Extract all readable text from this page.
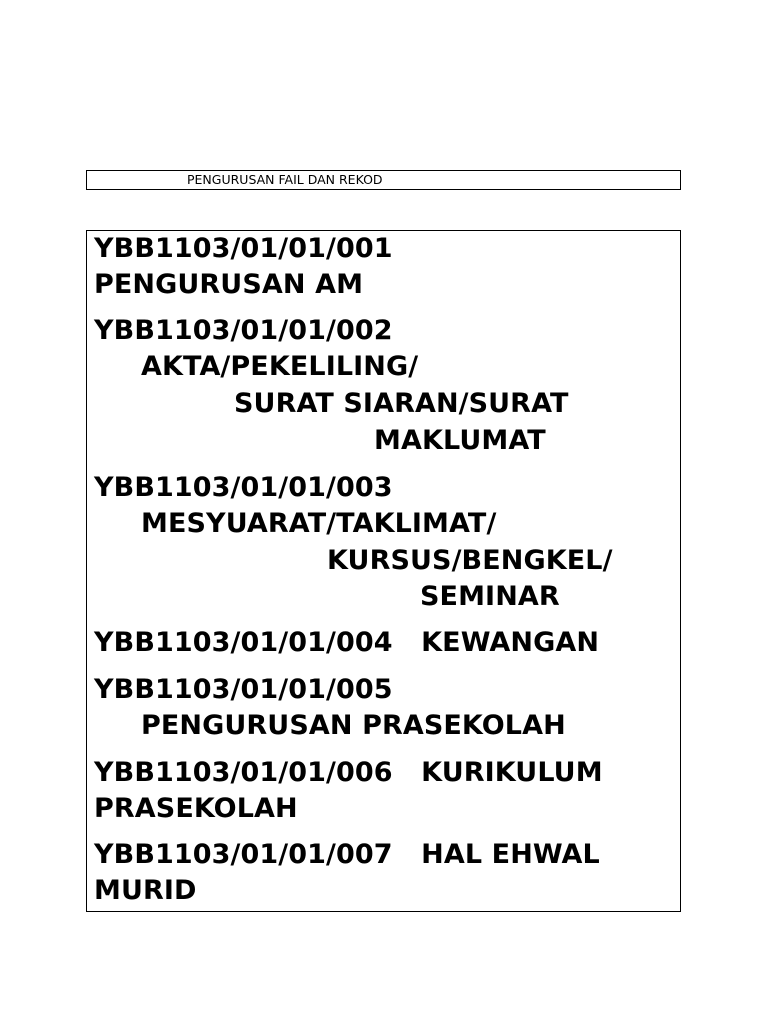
PENGURUSAN FAIL DAN REKOD
YBB1103/01/01/001
PENGURUSAN AM
YBB1103/01/01/002
AKTA/PEKELILING/
SURAT SIARAN/SURAT
MAKLUMAT
YBB1103/01/01/003
MESYUARAT/TAKLIMAT/
KURSUS/BENGKEL/
SEMINAR
YBB1103/01/01/004   KEWANGAN
YBB1103/01/01/005
PENGURUSAN PRASEKOLAH
YBB1103/01/01/006   KURIKULUM
PRASEKOLAH
YBB1103/01/01/007   HAL EHWAL
MURID
